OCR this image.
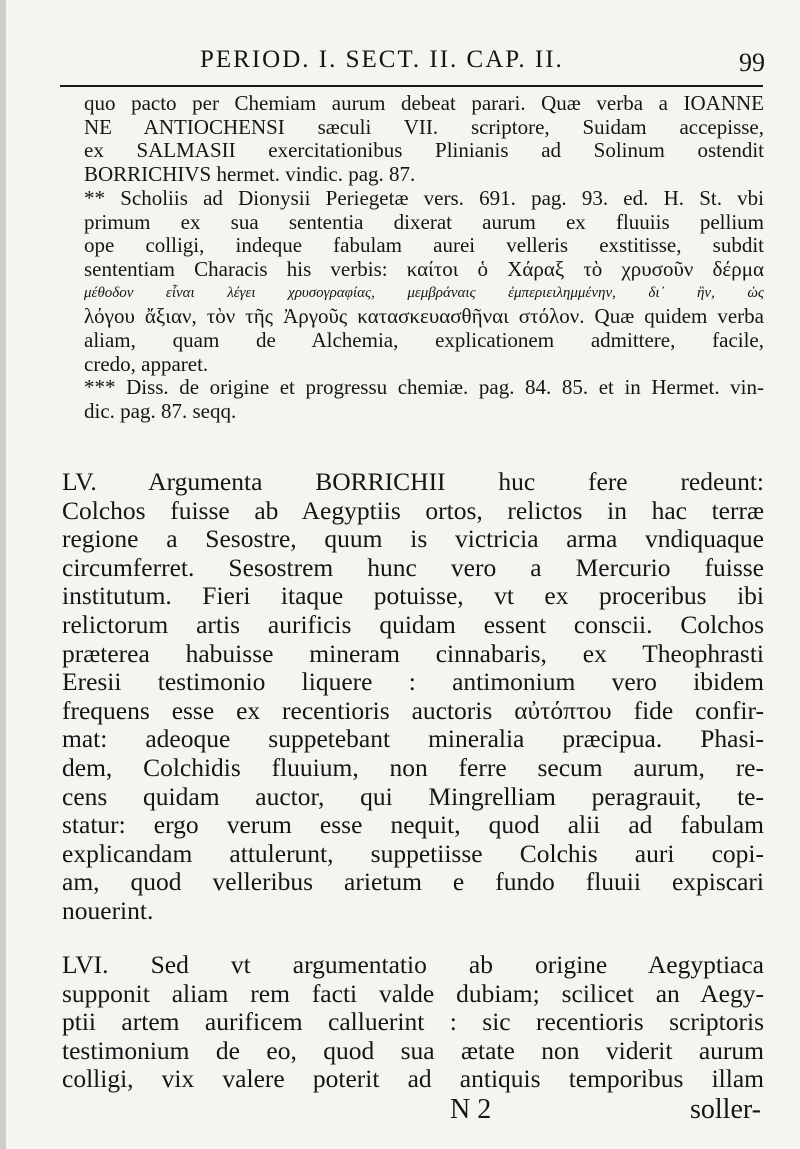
PERIOD. I. SECT. II. CAP. II.	99
quo pacto per Chemiam aurum debeat parari. Quæ verba a IOANNE
NE ANTIOCHENSI sæculi VII. scriptore, Suidam accepisse,
ex SALMASII exercitationibus Plinianis ad Solinum ostendit
BORRICHIVS hermet. vindic. pag. 87.
** Scholiis ad Dionysii Periegetæ vers. 691. pag. 93. ed. H. St. vbi
primum ex sua sententia dixerat aurum ex fluuiis pellium
ope colligi, indeque fabulam aurei velleris exstitisse, subdit
sententiam Characis his verbis: καίτοι ὁ Χάραξ τὸ χρυσοῦν δέρμα
μέθοδον εἶναι λέγει χρυσογραφίας, μεμβράναις ἐμπεριειλημμένην, δι᾽ ἣν, ὡς
λόγου ἄξιαν, τὸν τῆς Ἀργοῦς κατασκευασθῆναι στόλον. Quæ quidem verba
aliam, quam de Alchemia, explicationem admittere, facile,
credo, apparet.
*** Diss. de origine et progressu chemiæ. pag. 84. 85. et in Hermet. vin-
dic. pag. 87. seqq.
LV. Argumenta BORRICHII huc fere redeunt:
Colchos fuisse ab Aegyptiis ortos, relictos in hac terræ
regione a Sesostre, quum is victricia arma vndiquaque
circumferret. Sesostrem hunc vero a Mercurio fuisse
institutum. Fieri itaque potuisse, vt ex proceribus ibi
relictorum artis aurificis quidam essent conscii. Colchos
præterea habuisse mineram cinnabaris, ex Theophrasti
Eresii testimonio liquere : antimonium vero ibidem
frequens esse ex recentioris auctoris αὐτόπτου fide confir-
mat: adeoque suppetebant mineralia præcipua. Phasi-
dem, Colchidis fluuium, non ferre secum aurum, re-
cens quidam auctor, qui Mingrelliam peragrauit, te-
statur: ergo verum esse nequit, quod alii ad fabulam
explicandam attulerunt, suppetiisse Colchis auri copi-
am, quod velleribus arietum e fundo fluuii expiscari
nouerint.
LVI. Sed vt argumentatio ab origine Aegyptiaca
supponit aliam rem facti valde dubiam; scilicet an Aegy-
ptii artem aurificem calluerint : sic recentioris scriptoris
testimonium de eo, quod sua ætate non viderit aurum
colligi, vix valere poterit ad antiquis temporibus illam
N 2	soller-
